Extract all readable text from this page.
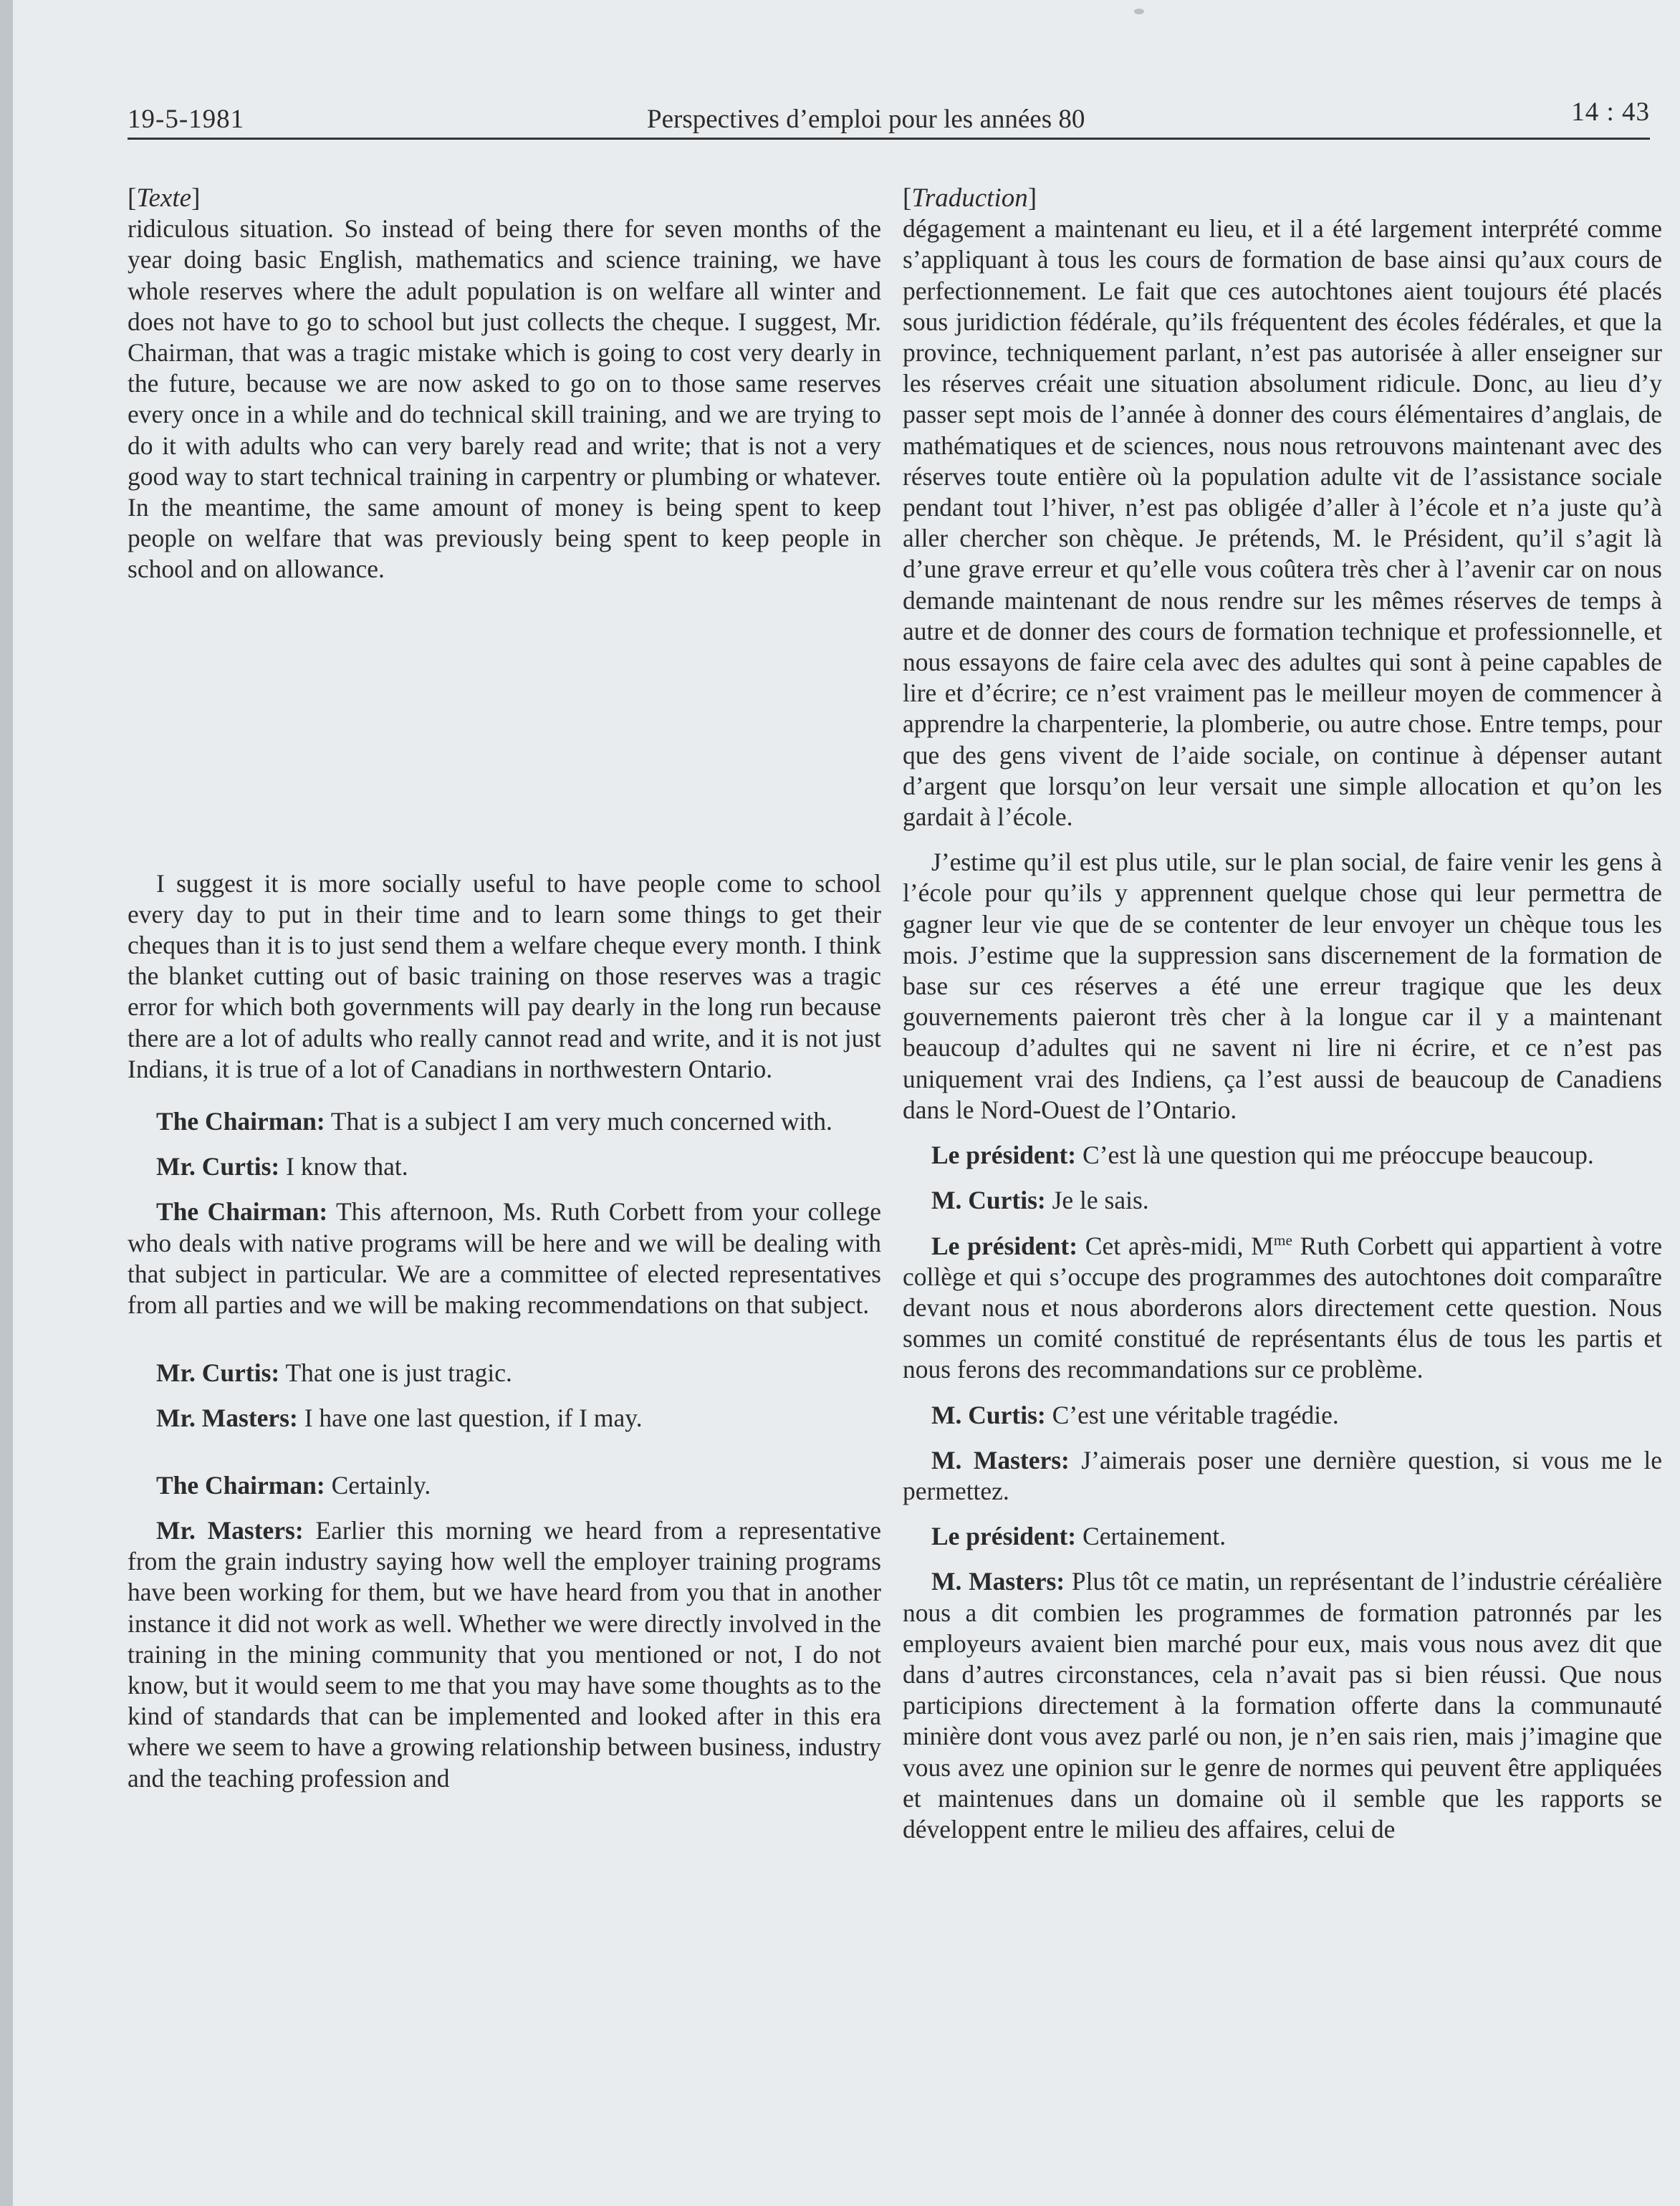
19-5-1981	Perspectives d’emploi pour les années 80	14 : 43

[Texte]

ridiculous situation. So instead of being there for seven months of the year doing basic English, mathematics and science training, we have whole reserves where the adult population is on welfare all winter and does not have to go to school but just collects the cheque. I suggest, Mr. Chairman, that was a tragic mistake which is going to cost very dearly in the future, because we are now asked to go on to those same reserves every once in a while and do technical skill training, and we are trying to do it with adults who can very barely read and write; that is not a very good way to start technical training in carpentry or plumbing or whatever. In the meantime, the same amount of money is being spent to keep people on welfare that was previously being spent to keep people in school and on allowance.

I suggest it is more socially useful to have people come to school every day to put in their time and to learn some things to get their cheques than it is to just send them a welfare cheque every month. I think the blanket cutting out of basic training on those reserves was a tragic error for which both governments will pay dearly in the long run because there are a lot of adults who really cannot read and write, and it is not just Indians, it is true of a lot of Canadians in northwestern Ontario.

The Chairman: That is a subject I am very much concerned with.

Mr. Curtis: I know that.

The Chairman: This afternoon, Ms. Ruth Corbett from your college who deals with native programs will be here and we will be dealing with that subject in particular. We are a committee of elected representatives from all parties and we will be making recommendations on that subject.

Mr. Curtis: That one is just tragic.

Mr. Masters: I have one last question, if I may.

The Chairman: Certainly.

Mr. Masters: Earlier this morning we heard from a representative from the grain industry saying how well the employer training programs have been working for them, but we have heard from you that in another instance it did not work as well. Whether we were directly involved in the training in the mining community that you mentioned or not, I do not know, but it would seem to me that you may have some thoughts as to the kind of standards that can be implemented and looked after in this era where we seem to have a growing relationship between business, industry and the teaching profession and

[Traduction]

dégagement a maintenant eu lieu, et il a été largement interprété comme s’appliquant à tous les cours de formation de base ainsi qu’aux cours de perfectionnement. Le fait que ces autochtones aient toujours été placés sous juridiction fédérale, qu’ils fréquentent des écoles fédérales, et que la province, techniquement parlant, n’est pas autorisée à aller enseigner sur les réserves créait une situation absolument ridicule. Donc, au lieu d’y passer sept mois de l’année à donner des cours élémentaires d’anglais, de mathématiques et de sciences, nous nous retrouvons maintenant avec des réserves toute entière où la population adulte vit de l’assistance sociale pendant tout l’hiver, n’est pas obligée d’aller à l’école et n’a juste qu’à aller chercher son chèque. Je prétends, M. le Président, qu’il s’agit là d’une grave erreur et qu’elle vous coûtera très cher à l’avenir car on nous demande maintenant de nous rendre sur les mêmes réserves de temps à autre et de donner des cours de formation technique et professionnelle, et nous essayons de faire cela avec des adultes qui sont à peine capables de lire et d’écrire; ce n’est vraiment pas le meilleur moyen de commencer à apprendre la charpenterie, la plomberie, ou autre chose. Entre temps, pour que des gens vivent de l’aide sociale, on continue à dépenser autant d’argent que lorsqu’on leur versait une simple allocation et qu’on les gardait à l’école.

J’estime qu’il est plus utile, sur le plan social, de faire venir les gens à l’école pour qu’ils y apprennent quelque chose qui leur permettra de gagner leur vie que de se contenter de leur envoyer un chèque tous les mois. J’estime que la suppression sans discernement de la formation de base sur ces réserves a été une erreur tragique que les deux gouvernements paieront très cher à la longue car il y a maintenant beaucoup d’adultes qui ne savent ni lire ni écrire, et ce n’est pas uniquement vrai des Indiens, ça l’est aussi de beaucoup de Canadiens dans le Nord-Ouest de l’Ontario.

Le président: C’est là une question qui me préoccupe beaucoup.

M. Curtis: Je le sais.

Le président: Cet après-midi, $M^{me}$ Ruth Corbett qui appartient à votre collège et qui s’occupe des programmes des autochtones doit comparaître devant nous et nous aborderons alors directement cette question. Nous sommes un comité constitué de représentants élus de tous les partis et nous ferons des recommandations sur ce problème.

M. Curtis: C’est une véritable tragédie.

M. Masters: J’aimerais poser une dernière question, si vous me le permettez.

Le président: Certainement.

M. Masters: Plus tôt ce matin, un représentant de l’industrie céréalière nous a dit combien les programmes de formation patronnés par les employeurs avaient bien marché pour eux, mais vous nous avez dit que dans d’autres circonstances, cela n’avait pas si bien réussi. Que nous participions directement à la formation offerte dans la communauté minière dont vous avez parlé ou non, je n’en sais rien, mais j’imagine que vous avez une opinion sur le genre de normes qui peuvent être appliquées et maintenues dans un domaine où il semble que les rapports se développent entre le milieu des affaires, celui de
